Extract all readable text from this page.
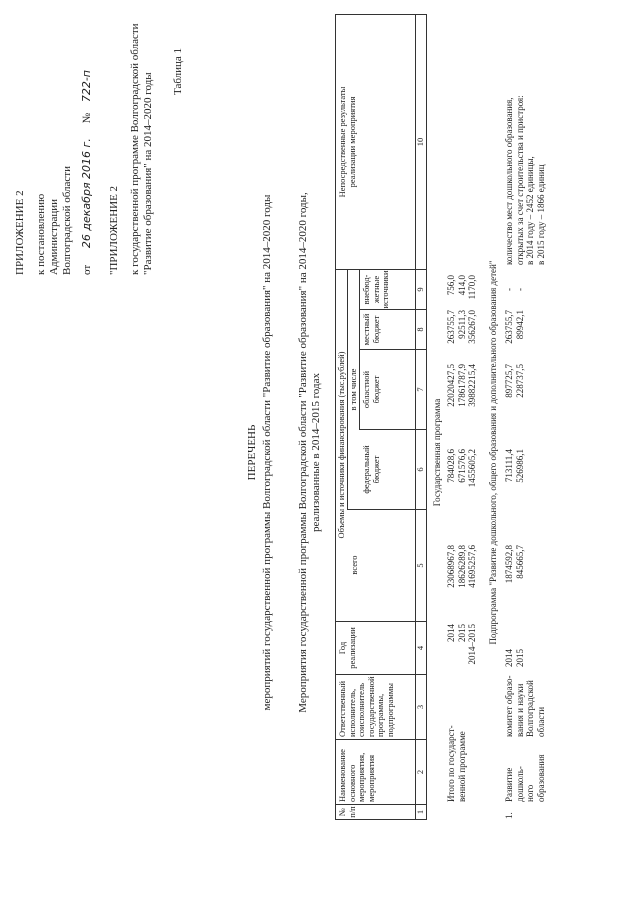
ПРИЛОЖЕНИЕ 2 к постановлению Администрации Волгоградской области от 26 декабря 2016 г. № 722-п
"ПРИЛОЖЕНИЕ 2 к государственной программе Волгоградской области "Развитие образования" на 2014–2020 годы
Таблица 1
ПЕРЕЧЕНЬ мероприятий государственной программы Волгоградской области "Развитие образования" на 2014–2020 годы Мероприятия государственной программы Волгоградской области "Развитие образования" на 2014–2020 годы, реализованные в 2014–2015 годах
№
п/п
Наименование
основного
мероприятия,
мероприятия
Ответственный
исполнитель,
соисполнитель
государственной
программы,
подпрограммы
Год
реализации
Объемы и источники финансирования (тыс.рублей)
всего
в том числе
федеральный
бюджет
областной
бюджет
местный
бюджет
внебюд-
жетные
источники
Непосредственные результаты
реализации мероприятия
1
2
3
4
5
6
7
8
9
10
Государственная программа
Итого по государст-
венной программе
2014
2015
2014–2015
23068967,8
18626289,8
41695257,6
784028,6
671576,6
1455605,2
22020427,5
17861787,9
39882215,4
263755,7
92511,3
356267,0
756,0
414,0
1170,0 Подпрограмма "Развитие дошкольного, общего образования и дополнительного образования детей"
1.
Развитие дошколь-
ного образования
комитет образо-
вания и науки
Волгоградской
области
2014
2015
1874592,8
845665,7
713111,4
526986,1
897725,7
228737,5
263755,7
89942,1
-
-
количество мест дошкольного образования,
открытых за счет строительства и пристроя:
в 2014 году – 2452 единицы,
в 2015 году – 1866 единиц
